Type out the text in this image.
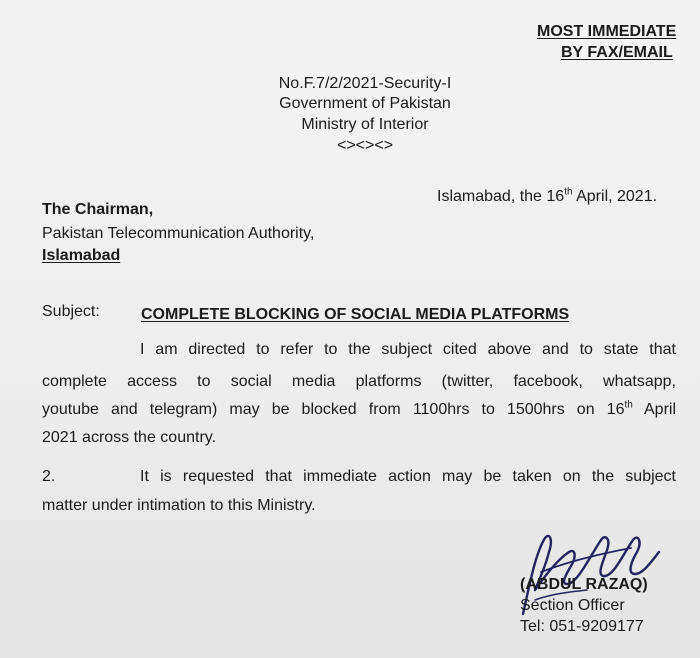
MOST IMMEDIATE

BY FAX/EMAIL

No.F.7/2/2021-Security-I

Government of Pakistan

Ministry of Interior

<><><>

Islamabad, the 16th April, 2021.

The Chairman,

Pakistan Telecommunication Authority,

Islamabad

Subject:	COMPLETE BLOCKING OF SOCIAL MEDIA PLATFORMS

I am directed to refer to the subject cited above and to state that

complete access to social media platforms (twitter, facebook, whatsapp,

youtube and telegram) may be blocked from 1100hrs to 1500hrs on 16th April

2021 across the country.

2.	It is requested that immediate action may be taken on the subject

matter under intimation to this Ministry.

(ABDUL RAZAQ)

Section Officer

Tel: 051-9209177
